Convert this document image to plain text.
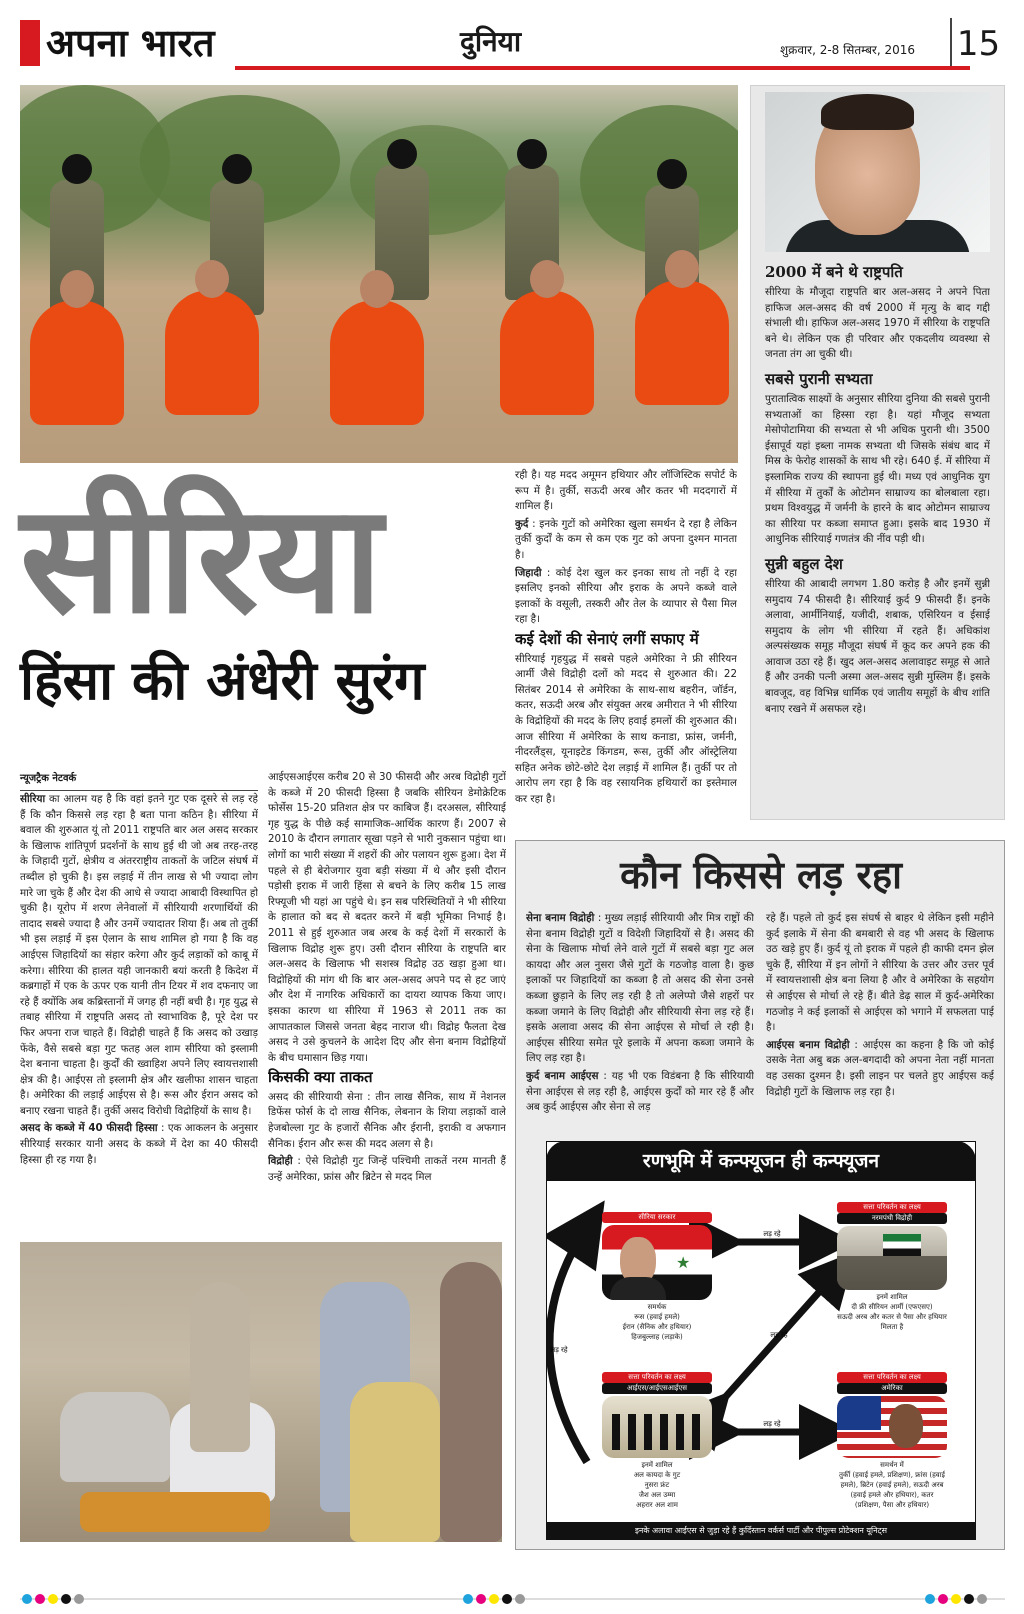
अपना भारत	दुनिया	शुक्रवार, 2-8 सितम्बर, 2016 15
2000 में बने थे राष्ट्रपति
सीरिया के मौजूदा राष्ट्रपति बार अल-असद ने अपने पिता हाफिज अल-असद की वर्ष 2000 में मृत्यु के बाद गद्दी संभाली थी। हाफिज अल-असद 1970 में सीरिया के राष्ट्रपति बने थे। लेकिन एक ही परिवार और एकदलीय व्यवस्था से जनता तंग आ चुकी थी।
सबसे पुरानी सभ्यता
पुरातात्विक साक्ष्यों के अनुसार सीरिया दुनिया की सबसे पुरानी सभ्यताओं का हिस्सा रहा है। यहां मौजूद सभ्यता मेसोपोटामिया की सभ्यता से भी अधिक पुरानी थी। 3500 ईसापूर्व यहां इब्ला नामक सभ्यता थी जिसके संबंध बाद में मिस्र के फेरोह शासकों के साथ भी रहे। 640 ई. में सीरिया में इस्लामिक राज्य की स्थापना हुई थी। मध्य एवं आधुनिक युग में सीरिया में तुर्कों के ओटोमन साम्राज्य का बोलबाला रहा। प्रथम विश्वयुद्ध में जर्मनी के हारने के बाद ओटोमन साम्राज्य का सीरिया पर कब्जा समाप्त हुआ। इसके बाद 1930 में आधुनिक सीरियाई गणतंत्र की नींव पड़ी थी।
सुन्नी बहुल देश
सीरिया की आबादी लगभग 1.80 करोड़ है और इनमें सुन्नी समुदाय 74 फीसदी है। सीरियाई कुर्द 9 फीसदी हैं। इनके अलावा, आर्मीनियाई, यजीदी, शबाक, एसिरियन व ईसाई समुदाय के लोग भी सीरिया में रहते हैं। अधिकांश अल्पसंख्यक समूह मौजूदा संघर्ष में कूद कर अपने हक की आवाज उठा रहे हैं। खुद अल-असद अलावाइट समूह से आते हैं और उनकी पत्नी अस्मा अल-असद सुन्नी मुस्लिम हैं। इसके बावजूद, वह विभिन्न धार्मिक एवं जातीय समूहों के बीच शांति बनाए रखने में असफल रहे।
सीरिया
हिंसा की अंधेरी सुरंग

रही है। यह मदद अमूमन हथियार और लॉजिस्टिक सपोर्ट के रूप में है। तुर्की, सऊदी अरब और कतर भी मददगारों में शामिल हैं।

कुर्द : इनके गुटों को अमेरिका खुला समर्थन दे रहा है लेकिन तुर्की कुर्दों के कम से कम एक गुट को अपना दुश्मन मानता है।

जिहादी : कोई देश खुल कर इनका साथ तो नहीं दे रहा इसलिए इनको सीरिया और इराक के अपने कब्जे वाले इलाकों के वसूली, तस्करी और तेल के व्यापार से पैसा मिल रहा है।

कई देशों की सेनाएं लगीं सफाए में

सीरियाई गृहयुद्ध में सबसे पहले अमेरिका ने फ्री सीरियन आर्मी जैसे विद्रोही दलों को मदद से शुरुआत की। 22 सितंबर 2014 से अमेरिका के साथ-साथ बहरीन, जॉर्डन, कतर, सऊदी अरब और संयुक्त अरब अमीरात ने भी सीरिया के विद्रोहियों की मदद के लिए हवाई हमलों की शुरुआत की। आज सीरिया में अमेरिका के साथ कनाडा, फ्रांस, जर्मनी, नीदरलैंड्स, यूनाइटेड किंगडम, रूस, तुर्की और ऑस्ट्रेलिया सहित अनेक छोटे-छोटे देश लड़ाई में शामिल हैं। तुर्की पर तो आरोप लग रहा है कि वह रसायनिक हथियारों का इस्तेमाल कर रहा है।

न्यूजट्रैक नेटवर्क

सीरिया का आलम यह है कि वहां इतने गुट एक दूसरे से लड़ रहे हैं कि कौन किससे लड़ रहा है बता पाना कठिन है। सीरिया में बवाल की शुरुआत यूं तो 2011 राष्ट्रपति बार अल असद सरकार के खिलाफ शांतिपूर्ण प्रदर्शनों के साथ हुई थी जो अब तरह-तरह के जिहादी गुटों, क्षेत्रीय व अंतरराष्ट्रीय ताकतों के जटिल संघर्ष में तब्दील हो चुकी है। इस लड़ाई में तीन लाख से भी ज्यादा लोग मारे जा चुके हैं और देश की आधे से ज्यादा आबादी विस्थापित हो चुकी है। यूरोप में शरण लेनेवालों में सीरियायी शरणार्थियों की तादाद सबसे ज्यादा है और उनमें ज्यादातर शिया हैं। अब तो तुर्की भी इस लड़ाई में इस ऐलान के साथ शामिल हो गया है कि वह आईएस जिहादियों का संहार करेगा और कुर्द लड़ाकों को काबू में करेगा। सीरिया की हालत यही जानकारी बयां करती है किदेश में कब्रगाहों में एक के ऊपर एक यानी तीन टियर में शव दफनाए जा रहे हैं क्योंकि अब कब्रिस्तानों में जगह ही नहीं बची है। गृह युद्ध से तबाह सीरिया में राष्ट्रपति असद तो स्वाभाविक है, पूरे देश पर फिर अपना राज चाहते हैं। विद्रोही चाहते हैं कि असद को उखाड़ फेंके, वैसे सबसे बड़ा गुट फतह अल शाम सीरिया को इस्लामी देश बनाना चाहता है। कुर्दों की ख्वाहिश अपने लिए स्वायत्तशासी क्षेत्र की है। आईएस तो इस्लामी क्षेत्र और खलीफा शासन चाहता है। अमेरिका की लड़ाई आईएस से है। रूस और ईरान असद को बनाए रखना चाहते हैं। तुर्की असद विरोधी विद्रोहियों के साथ है।

असद के कब्जे में 40 फीसदी हिस्सा : एक आकलन के अनुसार सीरियाई सरकार यानी असद के कब्जे में देश का 40 फीसदी हिस्सा ही रह गया है।

आईएसआईएस करीब 20 से 30 फीसदी और अरब विद्रोही गुटों के कब्जे में 20 फीसदी हिस्सा है जबकि सीरियन डेमोक्रेटिक फोर्सेस 15-20 प्रतिशत क्षेत्र पर काबिज हैं। दरअसल, सीरियाई गृह युद्ध के पीछे कई सामाजिक-आर्थिक कारण हैं। 2007 से 2010 के दौरान लगातार सूखा पड़ने से भारी नुकसान पहुंचा था। लोगों का भारी संख्या में शहरों की ओर पलायन शुरू हुआ। देश में पहले से ही बेरोजगार युवा बड़ी संख्या में थे और इसी दौरान पड़ोसी इराक में जारी हिंसा से बचने के लिए करीब 15 लाख रिफ्यूजी भी यहां आ पहुंचे थे। इन सब परिस्थितियों ने भी सीरिया के हालात को बद से बदतर करने में बड़ी भूमिका निभाई है। 2011 से हुई शुरुआत जब अरब के कई देशों में सरकारों के खिलाफ विद्रोह शुरू हुए। उसी दौरान सीरिया के राष्ट्रपति बार अल-असद के खिलाफ भी सशस्त्र विद्रोह उठ खड़ा हुआ था। विद्रोहियों की मांग थी कि बार अल-असद अपने पद से हट जाएं और देश में नागरिक अधिकारों का दायरा व्यापक किया जाए। इसका कारण था सीरिया में 1963 से 2011 तक का आपातकाल जिससे जनता बेहद नाराज थी। विद्रोह फैलता देख असद ने उसे कुचलने के आदेश दिए और सेना बनाम विद्रोहियों के बीच घमासान छिड़ गया।

किसकी क्या ताकत

असद की सीरियायी सेना : तीन लाख सैनिक, साथ में नेशनल डिफेंस फोर्स के दो लाख सैनिक, लेबनान के शिया लड़ाकों वाले हेजबोल्ला गुट के हजारों सैनिक और ईरानी, इराकी व अफगान सैनिक। ईरान और रूस की मदद अलग से है।

विद्रोही : ऐसे विद्रोही गुट जिन्हें पश्चिमी ताकतें नरम मानती हैं उन्हें अमेरिका, फ्रांस और ब्रिटेन से मदद मिल

कौन किससे लड़ रहा

सेना बनाम विद्रोही : मुख्य लड़ाई सीरियायी और मित्र राष्ट्रों की सेना बनाम विद्रोही गुटों व विदेशी जिहादियों से है। असद की सेना के खिलाफ मोर्चा लेने वाले गुटों में सबसे बड़ा गुट अल कायदा और अल नुसरा जैसे गुटों के गठजोड़ वाला है। कुछ इलाकों पर जिहादियों का कब्जा है तो असद की सेना उनसे कब्जा छुड़ाने के लिए लड़ रही है तो अलेप्पो जैसे शहरों पर कब्जा जमाने के लिए विद्रोही और सीरियायी सेना लड़ रहे हैं। इसके अलावा असद की सेना आईएस से मोर्चा ले रही है। आईएस सीरिया समेत पूरे इलाके में अपना कब्जा जमाने के लिए लड़ रहा है।

कुर्द बनाम आईएस : यह भी एक विडंबना है कि सीरियायी सेना आईएस से लड़ रही है, आईएस कुर्दों को मार रहे हैं और अब कुर्द आईएस और सेना से लड़

रहे हैं। पहले तो कुर्द इस संघर्ष से बाहर थे लेकिन इसी महीने कुर्द इलाके में सेना की बमबारी से वह भी असद के खिलाफ उठ खड़े हुए हैं। कुर्द यूं तो इराक में पहले ही काफी दमन झेल चुके हैं, सीरिया में इन लोगों ने सीरिया के उत्तर और उत्तर पूर्व में स्वायत्तशासी क्षेत्र बना लिया है और वे अमेरिका के सहयोग से आईएस से मोर्चा ले रहे हैं। बीते डेढ़ साल में कुर्द-अमेरिका गठजोड़ ने कई इलाकों से आईएस को भगाने में सफलता पाई है।

आईएस बनाम विद्रोही : आईएस का कहना है कि जो कोई उसके नेता अबु बक्र अल-बगदादी को अपना नेता नहीं मानता वह उसका दुश्मन है। इसी लाइन पर चलते हुए आईएस कई विद्रोही गुटों के खिलाफ लड़ रहा है।

रणभूमि में कन्फ्यूजन ही कन्फ्यूजन
लड़ रहे
लड़ रहे
लड़ रहे
लड़ रहे
सीरिया सरकार
★
समर्थक
रूस (हवाई हमले)
ईरान (सैनिक और हथियार)
हिजबुल्लाह (लड़ाके)
सत्ता परिवर्तन का लक्ष्य
नरमपंथी विद्रोही
इनमें शामिल
दी फ्री सीरियन आर्मी (एफएसए)
सऊदी अरब और कतर से पैसा और हथियार मिलता है
सत्ता परिवर्तन का लक्ष्य
आईएस/आईएसआईएस
इनमें शामिल
अल कायदा के गुट
नुसरा फ्रंट
जैश अल उम्मा
अहरार अल शाम
सत्ता परिवर्तन का लक्ष्य
अमेरिका
समर्थन में
तुर्की (हवाई हमले, प्रशिक्षण), फ्रांस (हवाई हमले), ब्रिटेन (हवाई हमले), सऊदी अरब (हवाई हमले और हथियार), कतर (प्रशिक्षण, पैसा और हथियार)
इनके अलावा आईएस से जुड़ा रहे हैं कुर्दिस्तान वर्कर्स पार्टी और पीपुल्स प्रोटेक्शन यूनिट्स
